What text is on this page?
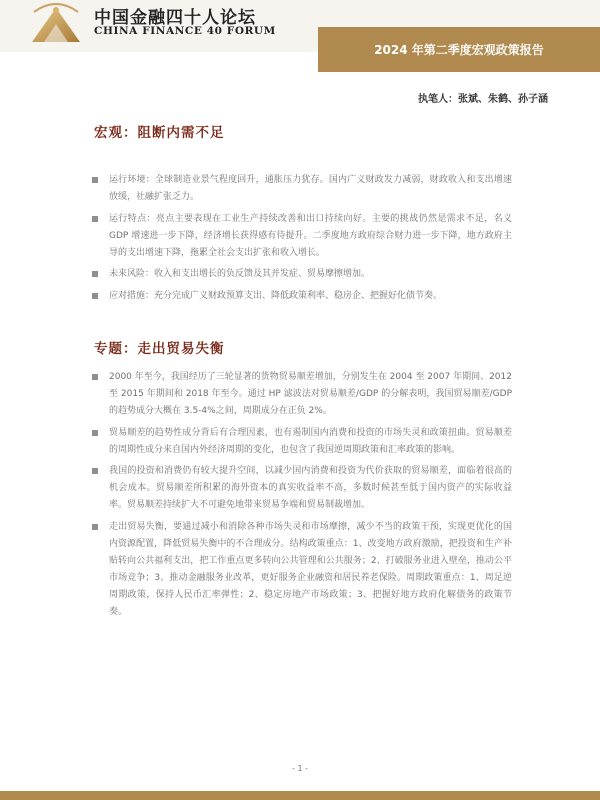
中国金融四十人论坛
CHINA FINANCE 40 FORUM
2024 年第二季度宏观政策报告
执笔人：张斌、朱鹤、孙子涵
宏观：阻断内需不足
运行环境：全球制造业景气程度回升，通胀压力犹存。国内广义财政发力减弱，财政收入和支出增速放缓，社融扩张乏力。
运行特点：亮点主要表现在工业生产持续改善和出口持续向好。主要的挑战仍然是需求不足，名义 GDP 增速进一步下降，经济增长获得感有待提升。二季度地方政府综合财力进一步下降，地方政府主导的支出增速下降，拖累全社会支出扩张和收入增长。
未来风险：收入和支出增长的负反馈及其并发症、贸易摩擦增加。
应对措施：充分完成广义财政预算支出、降低政策利率、稳房企、把握好化债节奏。
专题：走出贸易失衡
2000 年至今，我国经历了三轮显著的货物贸易顺差增加，分别发生在 2004 至 2007 年期间、2012 至 2015 年期间和 2018 年至今。通过 HP 滤波法对贸易顺差/GDP 的分解表明，我国贸易顺差/GDP 的趋势成分大概在 3.5-4%之间，周期成分在正负 2%。
贸易顺差的趋势性成分背后有合理因素，也有遏制国内消费和投资的市场失灵和政策扭曲。贸易顺差的周期性成分来自国内外经济周期的变化，也包含了我国逆周期政策和汇率政策的影响。
我国的投资和消费仍有较大提升空间，以减少国内消费和投资为代价获取的贸易顺差，面临着很高的机会成本。贸易顺差所积累的海外资本的真实收益率不高，多数时候甚至低于国内资产的实际收益率。贸易顺差持续扩大不可避免地带来贸易争端和贸易制裁增加。
走出贸易失衡，要通过减小和消除各种市场失灵和市场摩擦，减少不当的政策干预，实现更优化的国内资源配置，降低贸易失衡中的不合理成分。结构政策重点：1、改变地方政府激励，把投资和生产补贴转向公共福利支出，把工作重点更多转向公共管理和公共服务；2、打破服务业进入壁垒，推动公平市场竞争；3、推动金融服务业改革，更好服务企业融资和居民养老保险。周期政策重点：1、周足逆周期政策，保持人民币汇率弹性；2、稳定房地产市场政策；3、把握好地方政府化解债务的政策节奏。
- 1 -
